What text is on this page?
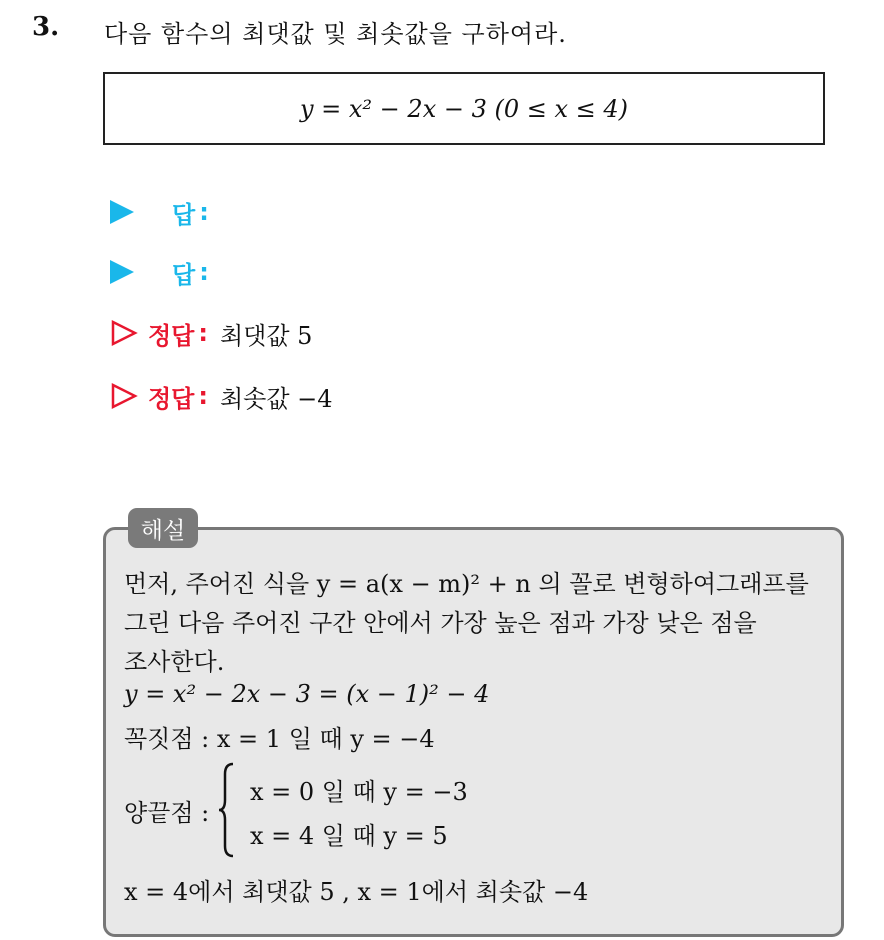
3. 다음 함수의 최댓값 및 최솟값을 구하여라.
y = x² − 2x − 3 (0 ≤ x ≤ 4)
답 :
답 :
정답 : 최댓값 5
정답 : 최솟값 −4
해설
먼저, 주어진 식을 y = a(x − m)² + n 의 꼴로 변형하여그래프를
그린 다음 주어진 구간 안에서 가장 높은 점과 가장 낮은 점을
조사한다.
y = x² − 2x − 3 = (x − 1)² − 4
꼭짓점 : x = 1 일 때 y = −4
양끝점 :
x = 0 일 때 y = −3
x = 4 일 때 y = 5
x = 4에서 최댓값 5 , x = 1에서 최솟값 −4
